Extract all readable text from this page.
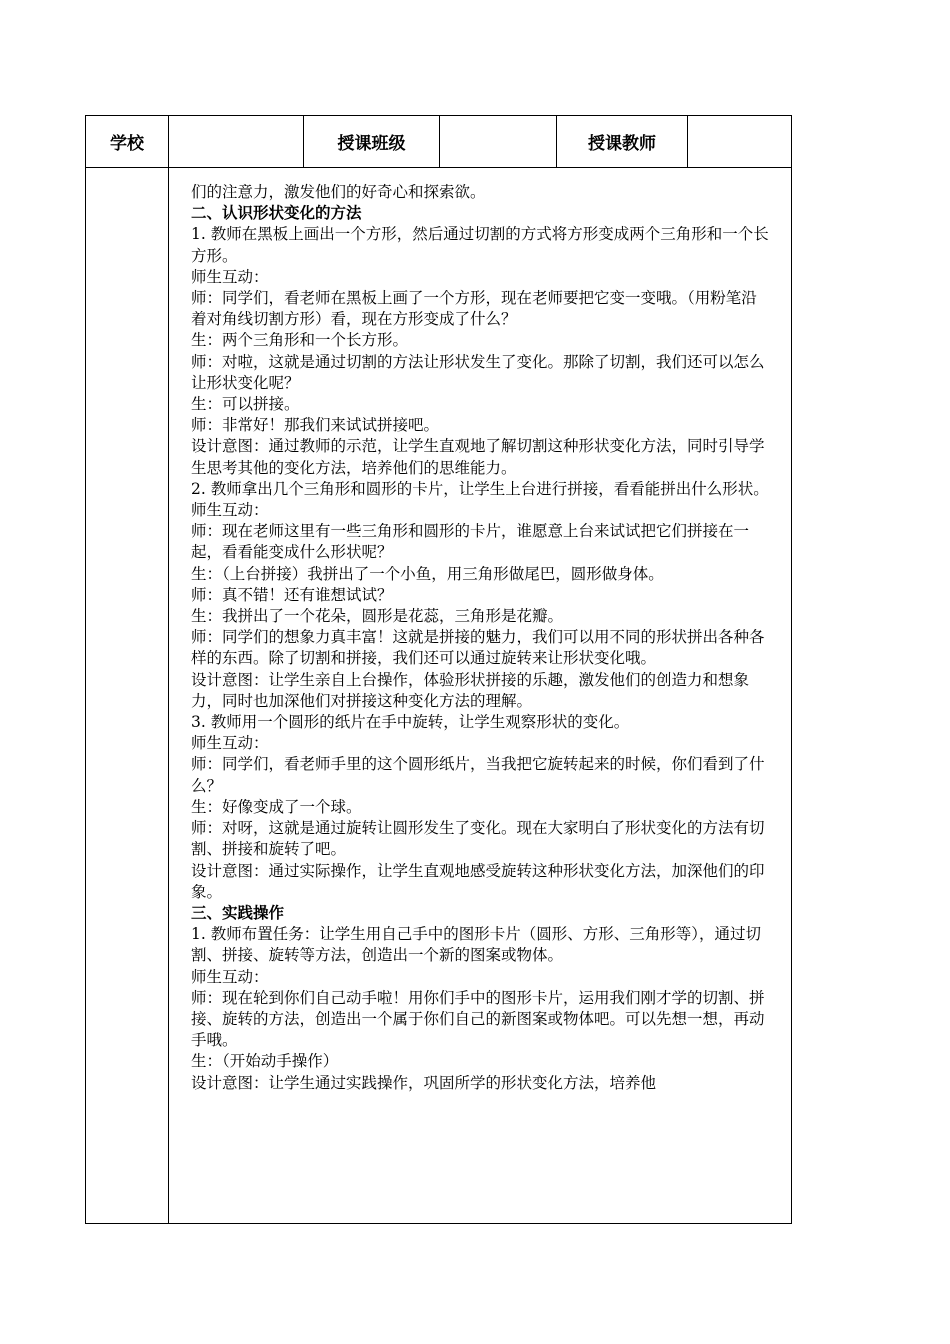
学校	授课班级	授课教师

们的注意力，激发他们的好奇心和探索欲。

二、认识形状变化的方法

1. 教师在黑板上画出一个方形，然后通过切割的方式将方形变成两个三角形和一个长方形。

师生互动：

师：同学们，看老师在黑板上画了一个方形，现在老师要把它变一变哦。（用粉笔沿着对角线切割方形）看，现在方形变成了什么？

生：两个三角形和一个长方形。

师：对啦，这就是通过切割的方法让形状发生了变化。那除了切割，我们还可以怎么让形状变化呢？

生：可以拼接。

师：非常好！那我们来试试拼接吧。

设计意图：通过教师的示范，让学生直观地了解切割这种形状变化方法，同时引导学生思考其他的变化方法，培养他们的思维能力。

2. 教师拿出几个三角形和圆形的卡片，让学生上台进行拼接，看看能拼出什么形状。

师生互动：

师：现在老师这里有一些三角形和圆形的卡片，谁愿意上台来试试把它们拼接在一起，看看能变成什么形状呢？

生：（上台拼接）我拼出了一个小鱼，用三角形做尾巴，圆形做身体。

师：真不错！还有谁想试试？

生：我拼出了一个花朵，圆形是花蕊，三角形是花瓣。

师：同学们的想象力真丰富！这就是拼接的魅力，我们可以用不同的形状拼出各种各样的东西。除了切割和拼接，我们还可以通过旋转来让形状变化哦。

设计意图：让学生亲自上台操作，体验形状拼接的乐趣，激发他们的创造力和想象力，同时也加深他们对拼接这种变化方法的理解。

3. 教师用一个圆形的纸片在手中旋转，让学生观察形状的变化。

师生互动：

师：同学们，看老师手里的这个圆形纸片，当我把它旋转起来的时候，你们看到了什么？

生：好像变成了一个球。

师：对呀，这就是通过旋转让圆形发生了变化。现在大家明白了形状变化的方法有切割、拼接和旋转了吧。

设计意图：通过实际操作，让学生直观地感受旋转这种形状变化方法，加深他们的印象。

三、实践操作

1. 教师布置任务：让学生用自己手中的图形卡片（圆形、方形、三角形等），通过切割、拼接、旋转等方法，创造出一个新的图案或物体。

师生互动：

师：现在轮到你们自己动手啦！用你们手中的图形卡片，运用我们刚才学的切割、拼接、旋转的方法，创造出一个属于你们自己的新图案或物体吧。可以先想一想，再动手哦。

生：（开始动手操作）

设计意图：让学生通过实践操作，巩固所学的形状变化方法，培养他
